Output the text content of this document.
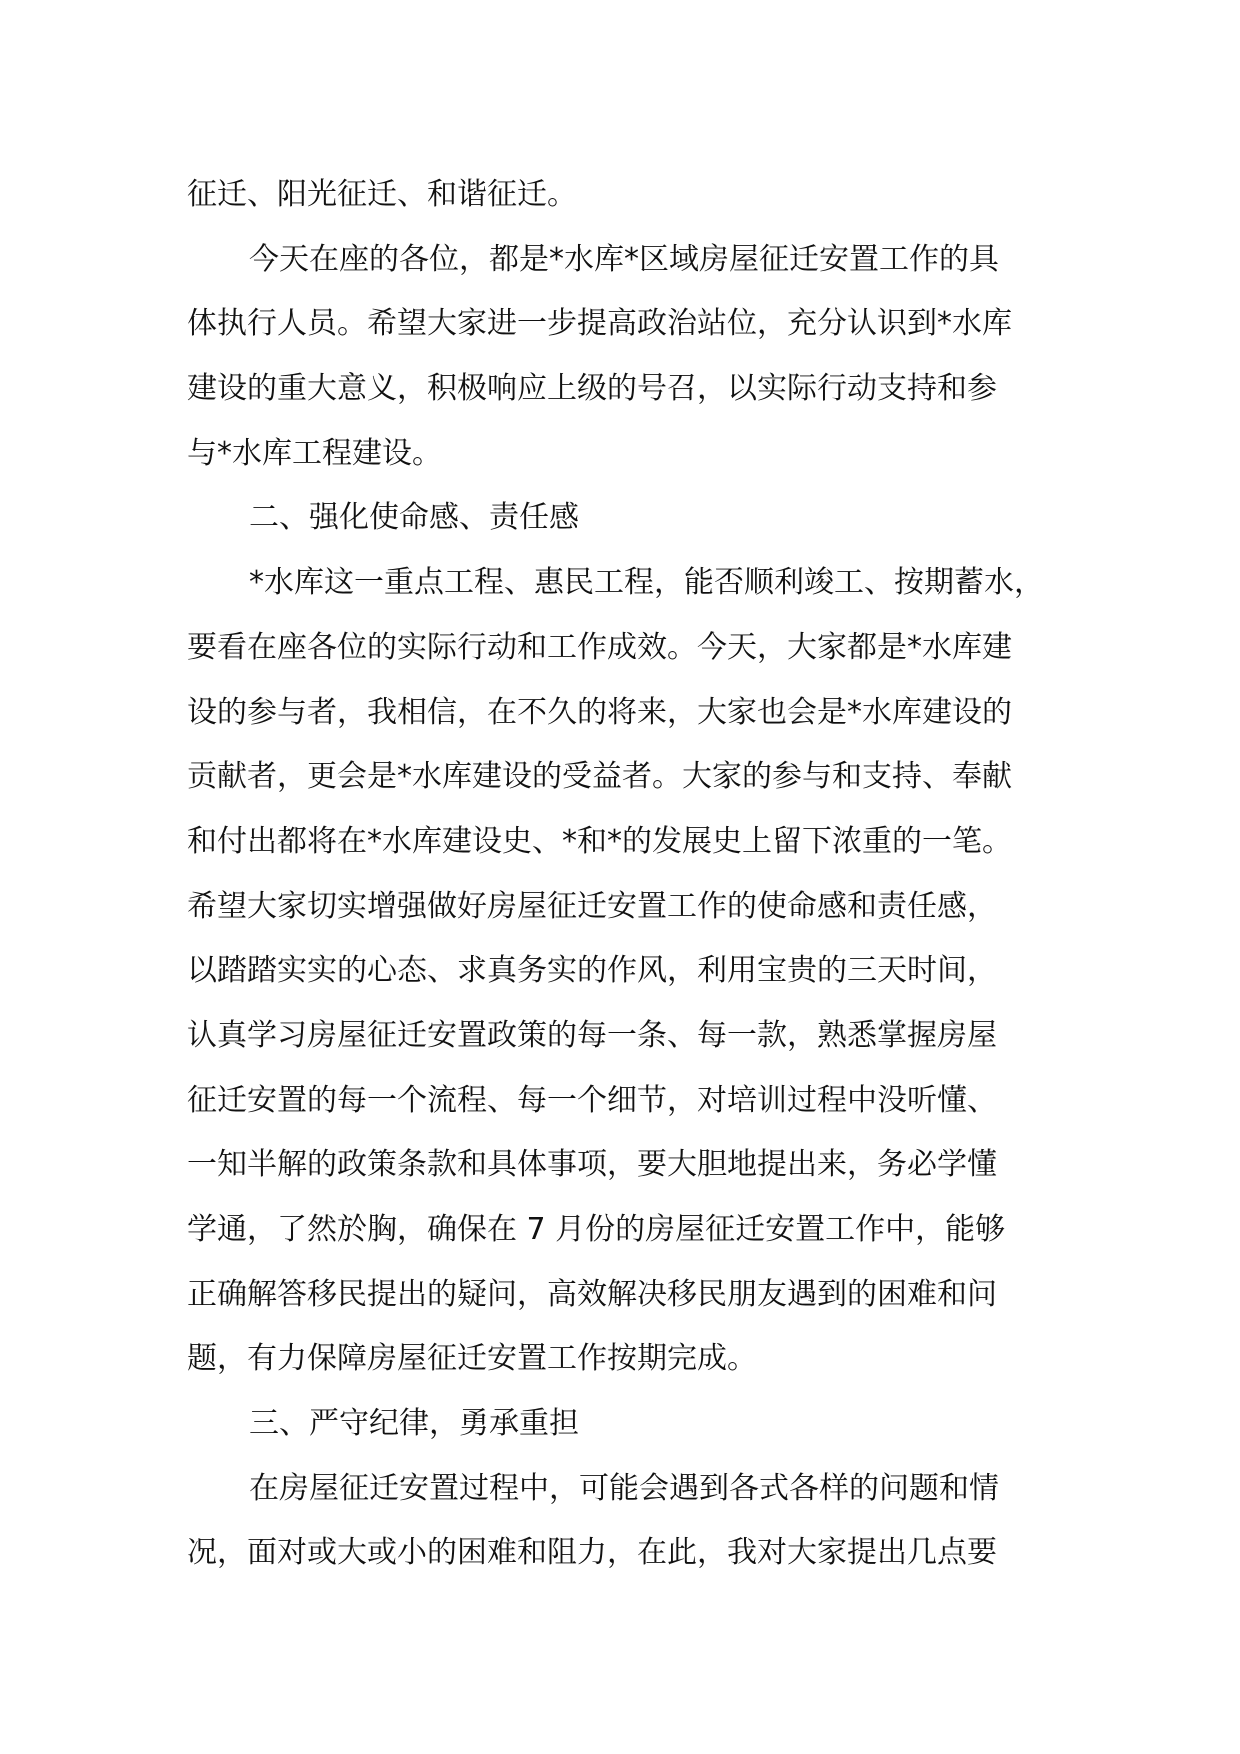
征迁、阳光征迁、和谐征迁。
今天在座的各位，都是*水库*区域房屋征迁安置工作的具
体执行人员。希望大家进一步提高政治站位，充分认识到*水库
建设的重大意义，积极响应上级的号召，以实际行动支持和参
与*水库工程建设。
二、强化使命感、责任感
*水库这一重点工程、惠民工程，能否顺利竣工、按期蓄水，
要看在座各位的实际行动和工作成效。今天，大家都是*水库建
设的参与者，我相信，在不久的将来，大家也会是*水库建设的
贡献者，更会是*水库建设的受益者。大家的参与和支持、奉献
和付出都将在*水库建设史、*和*的发展史上留下浓重的一笔。
希望大家切实增强做好房屋征迁安置工作的使命感和责任感，
以踏踏实实的心态、求真务实的作风，利用宝贵的三天时间，
认真学习房屋征迁安置政策的每一条、每一款，熟悉掌握房屋
征迁安置的每一个流程、每一个细节，对培训过程中没听懂、
一知半解的政策条款和具体事项，要大胆地提出来，务必学懂
学通，了然於胸，确保在 7 月份的房屋征迁安置工作中，能够
正确解答移民提出的疑问，高效解决移民朋友遇到的困难和问
题，有力保障房屋征迁安置工作按期完成。
三、严守纪律，勇承重担
在房屋征迁安置过程中，可能会遇到各式各样的问题和情
况，面对或大或小的困难和阻力，在此，我对大家提出几点要
